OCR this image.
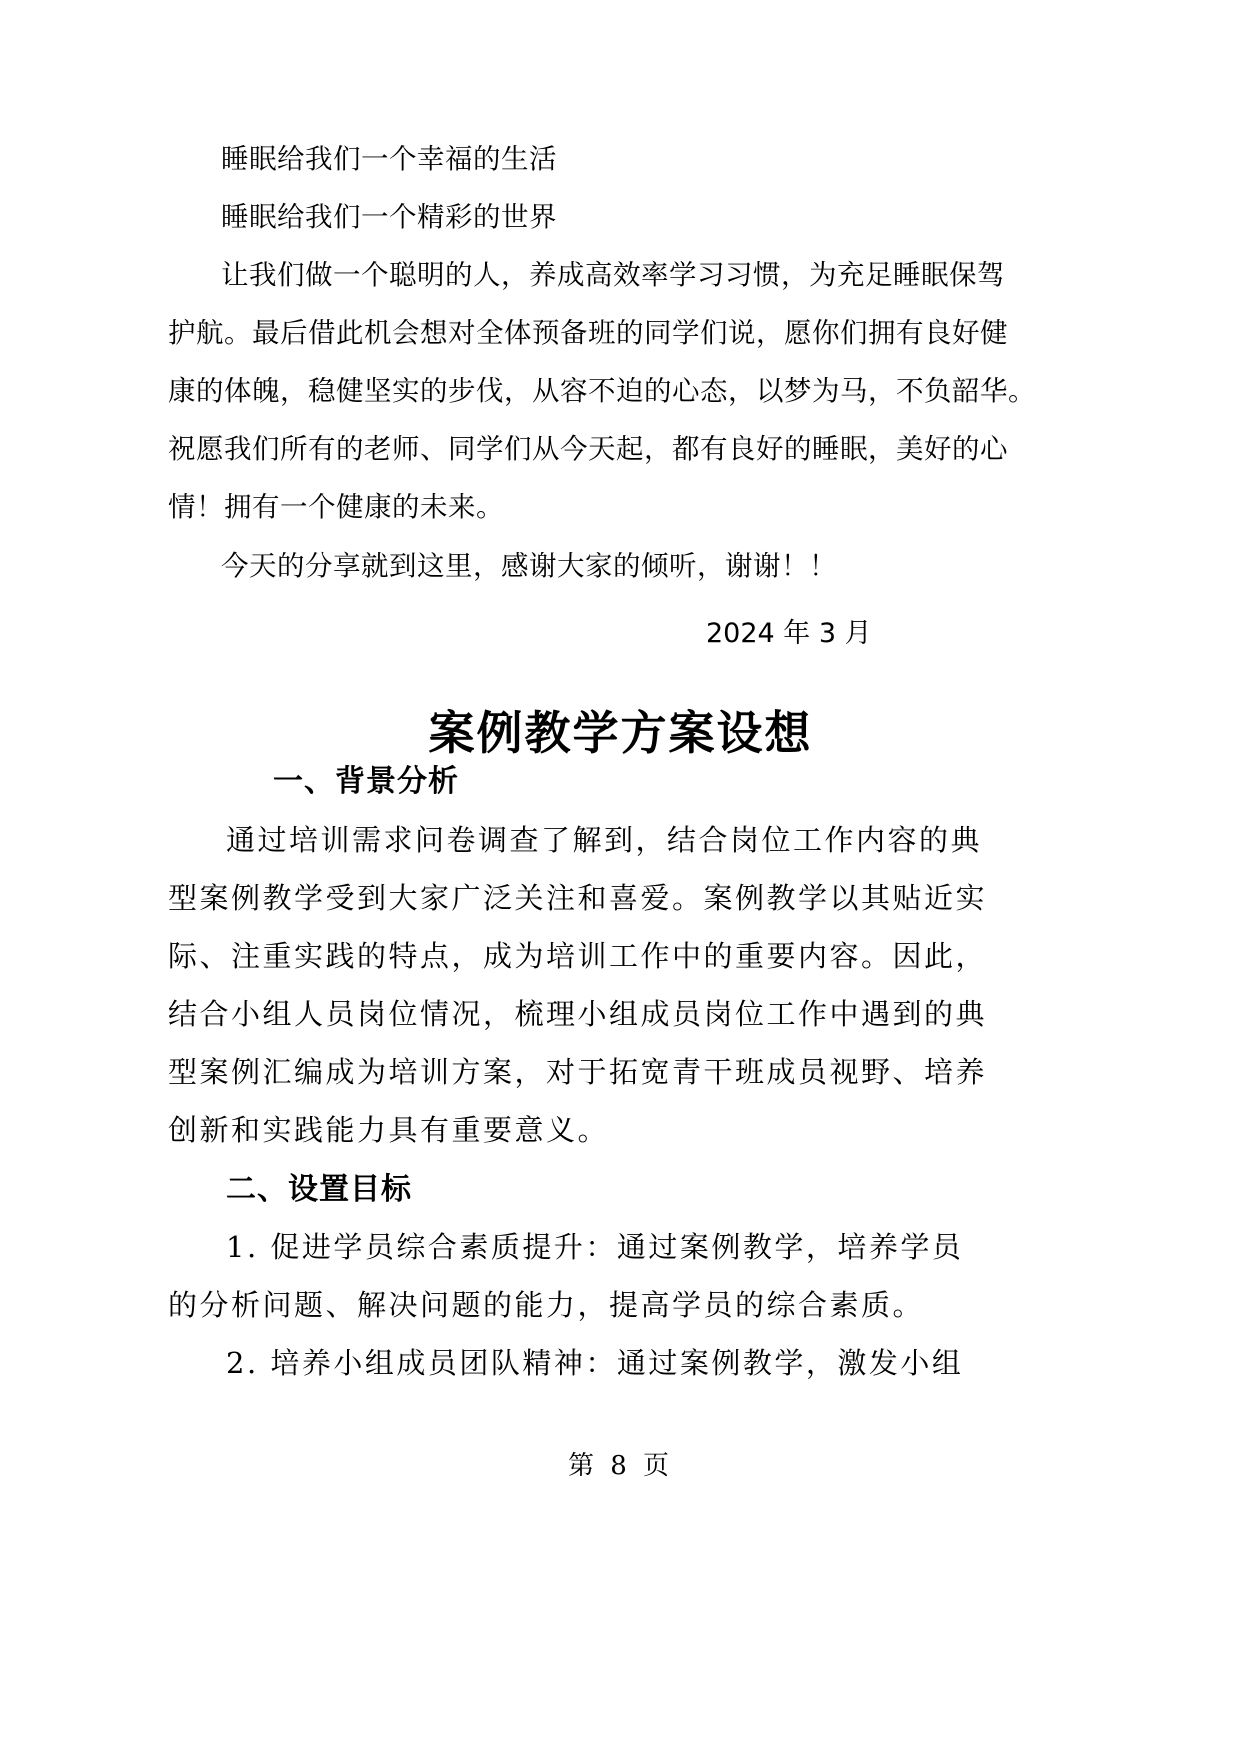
睡眠给我们一个幸福的生活
睡眠给我们一个精彩的世界
让我们做一个聪明的人，养成高效率学习习惯，为充足睡眠保驾
护航。最后借此机会想对全体预备班的同学们说，愿你们拥有良好健
康的体魄，稳健坚实的步伐，从容不迫的心态，以梦为马，不负韶华。
祝愿我们所有的老师、同学们从今天起，都有良好的睡眠，美好的心
情！拥有一个健康的未来。
今天的分享就到这里，感谢大家的倾听，谢谢！！
2024 年 3 月
案例教学方案设想
一、背景分析
通过培训需求问卷调查了解到，结合岗位工作内容的典
型案例教学受到大家广泛关注和喜爱。案例教学以其贴近实
际、注重实践的特点，成为培训工作中的重要内容。因此，
结合小组人员岗位情况，梳理小组成员岗位工作中遇到的典
型案例汇编成为培训方案，对于拓宽青干班成员视野、培养
创新和实践能力具有重要意义。
二、设置目标
1. 促进学员综合素质提升：通过案例教学，培养学员
的分析问题、解决问题的能力，提高学员的综合素质。
2. 培养小组成员团队精神：通过案例教学，激发小组
第 8 页
